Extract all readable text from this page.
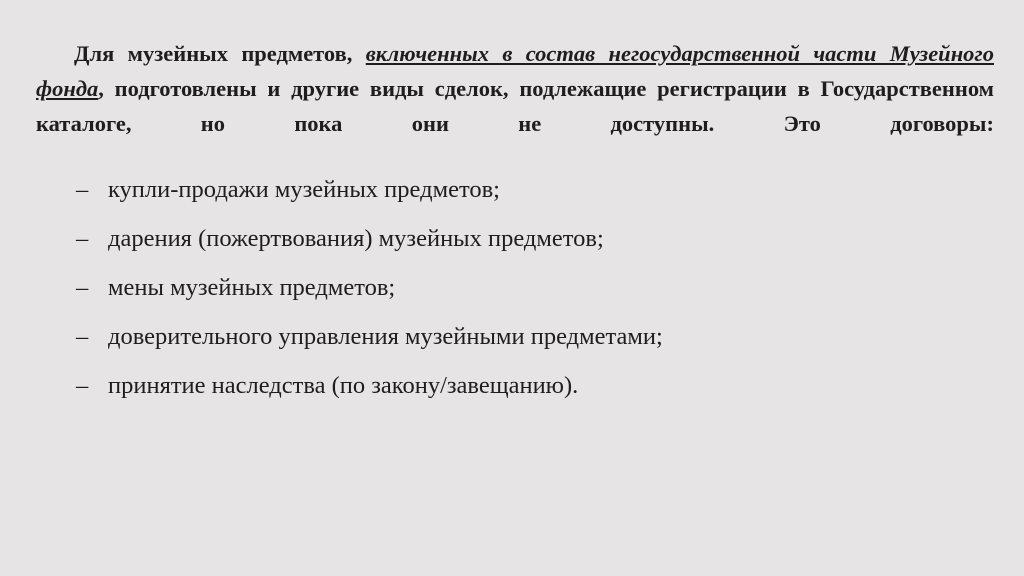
Для музейных предметов, включенных в состав негосударственной части Музейного фонда, подготовлены и другие виды сделок, подлежащие регистрации в Государственном каталоге, но пока они не доступны. Это договоры:

– купли-продажи музейных предметов;
– дарения (пожертвования) музейных предметов;
– мены музейных предметов;
– доверительного управления музейными предметами;
– принятие наследства (по закону/завещанию).
